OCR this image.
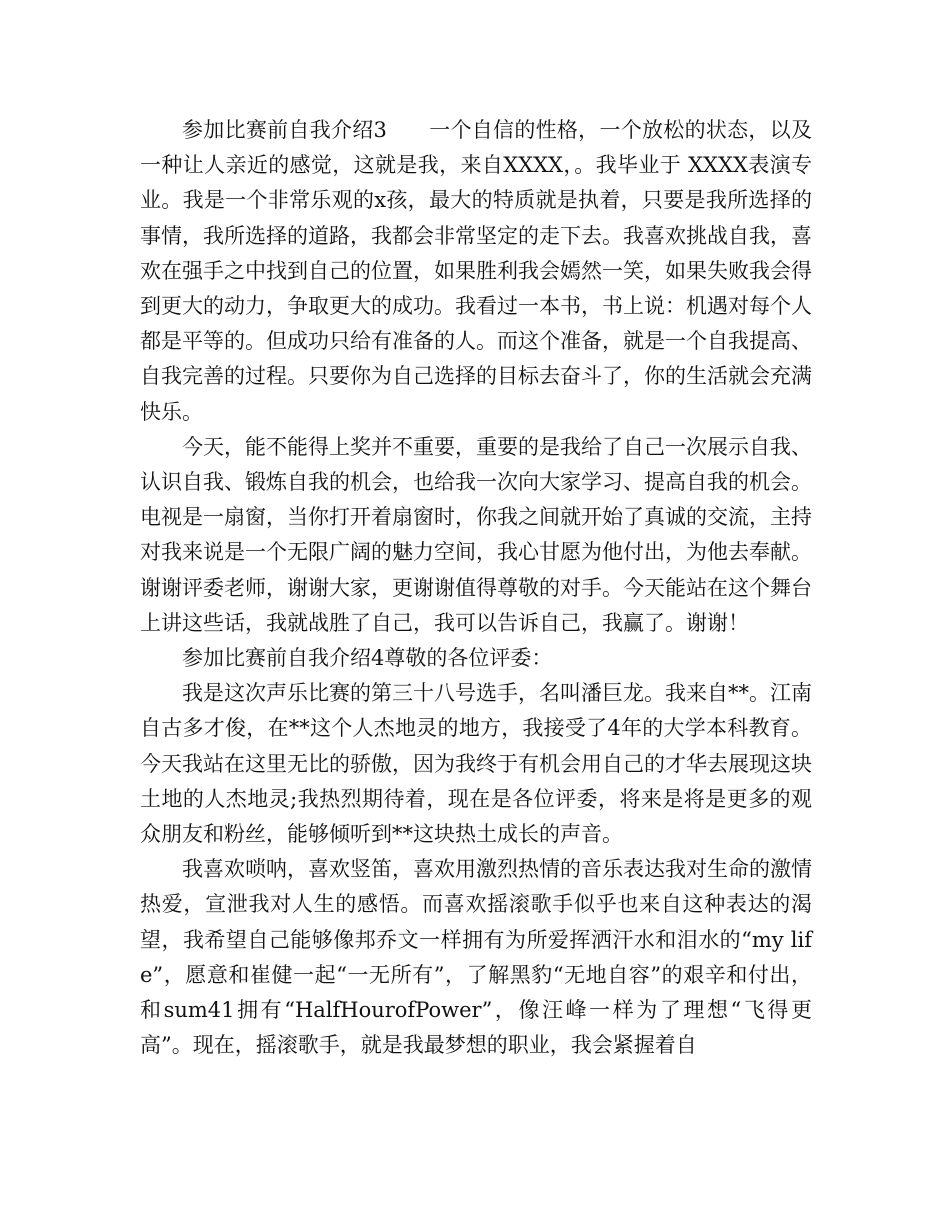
参加比赛前自我介绍3 一个自信的性格，一个放松的状态，以及一种让人亲近的感觉，这就是我，来自XXXX，。我毕业于 XXXX表演专业。我是一个非常乐观的x孩，最大的特质就是执着，只要是我所选择的事情，我所选择的道路，我都会非常坚定的走下去。我喜欢挑战自我，喜欢在强手之中找到自己的位置，如果胜利我会嫣然一笑，如果失败我会得到更大的动力，争取更大的成功。我看过一本书，书上说：机遇对每个人都是平等的。但成功只给有准备的人。而这个准备，就是一个自我提高、自我完善的过程。只要你为自己选择的目标去奋斗了，你的生活就会充满快乐。

今天，能不能得上奖并不重要，重要的是我给了自己一次展示自我、认识自我、锻炼自我的机会，也给我一次向大家学习、提高自我的机会。电视是一扇窗，当你打开着扇窗时，你我之间就开始了真诚的交流，主持对我来说是一个无限广阔的魅力空间，我心甘愿为他付出，为他去奉献。谢谢评委老师，谢谢大家，更谢谢值得尊敬的对手。今天能站在这个舞台上讲这些话，我就战胜了自己，我可以告诉自己，我赢了。谢谢！

参加比赛前自我介绍4尊敬的各位评委：

我是这次声乐比赛的第三十八号选手，名叫潘巨龙。我来自**。江南自古多才俊，在**这个人杰地灵的地方，我接受了4年的大学本科教育。今天我站在这里无比的骄傲，因为我终于有机会用自己的才华去展现这块土地的人杰地灵;我热烈期待着，现在是各位评委，将来是将是更多的观众朋友和粉丝，能够倾听到**这块热土成长的声音。

我喜欢唢呐，喜欢竖笛，喜欢用激烈热情的音乐表达我对生命的激情热爱，宣泄我对人生的感悟。而喜欢摇滚歌手似乎也来自这种表达的渴望，我希望自己能够像邦乔文一样拥有为所爱挥洒汗水和泪水的“my life”，愿意和崔健一起“一无所有”，了解黑豹“无地自容”的艰辛和付出，和sum41拥有“HalfHourofPower”，像汪峰一样为了理想“飞得更高”。现在，摇滚歌手，就是我最梦想的职业，我会紧握着自
